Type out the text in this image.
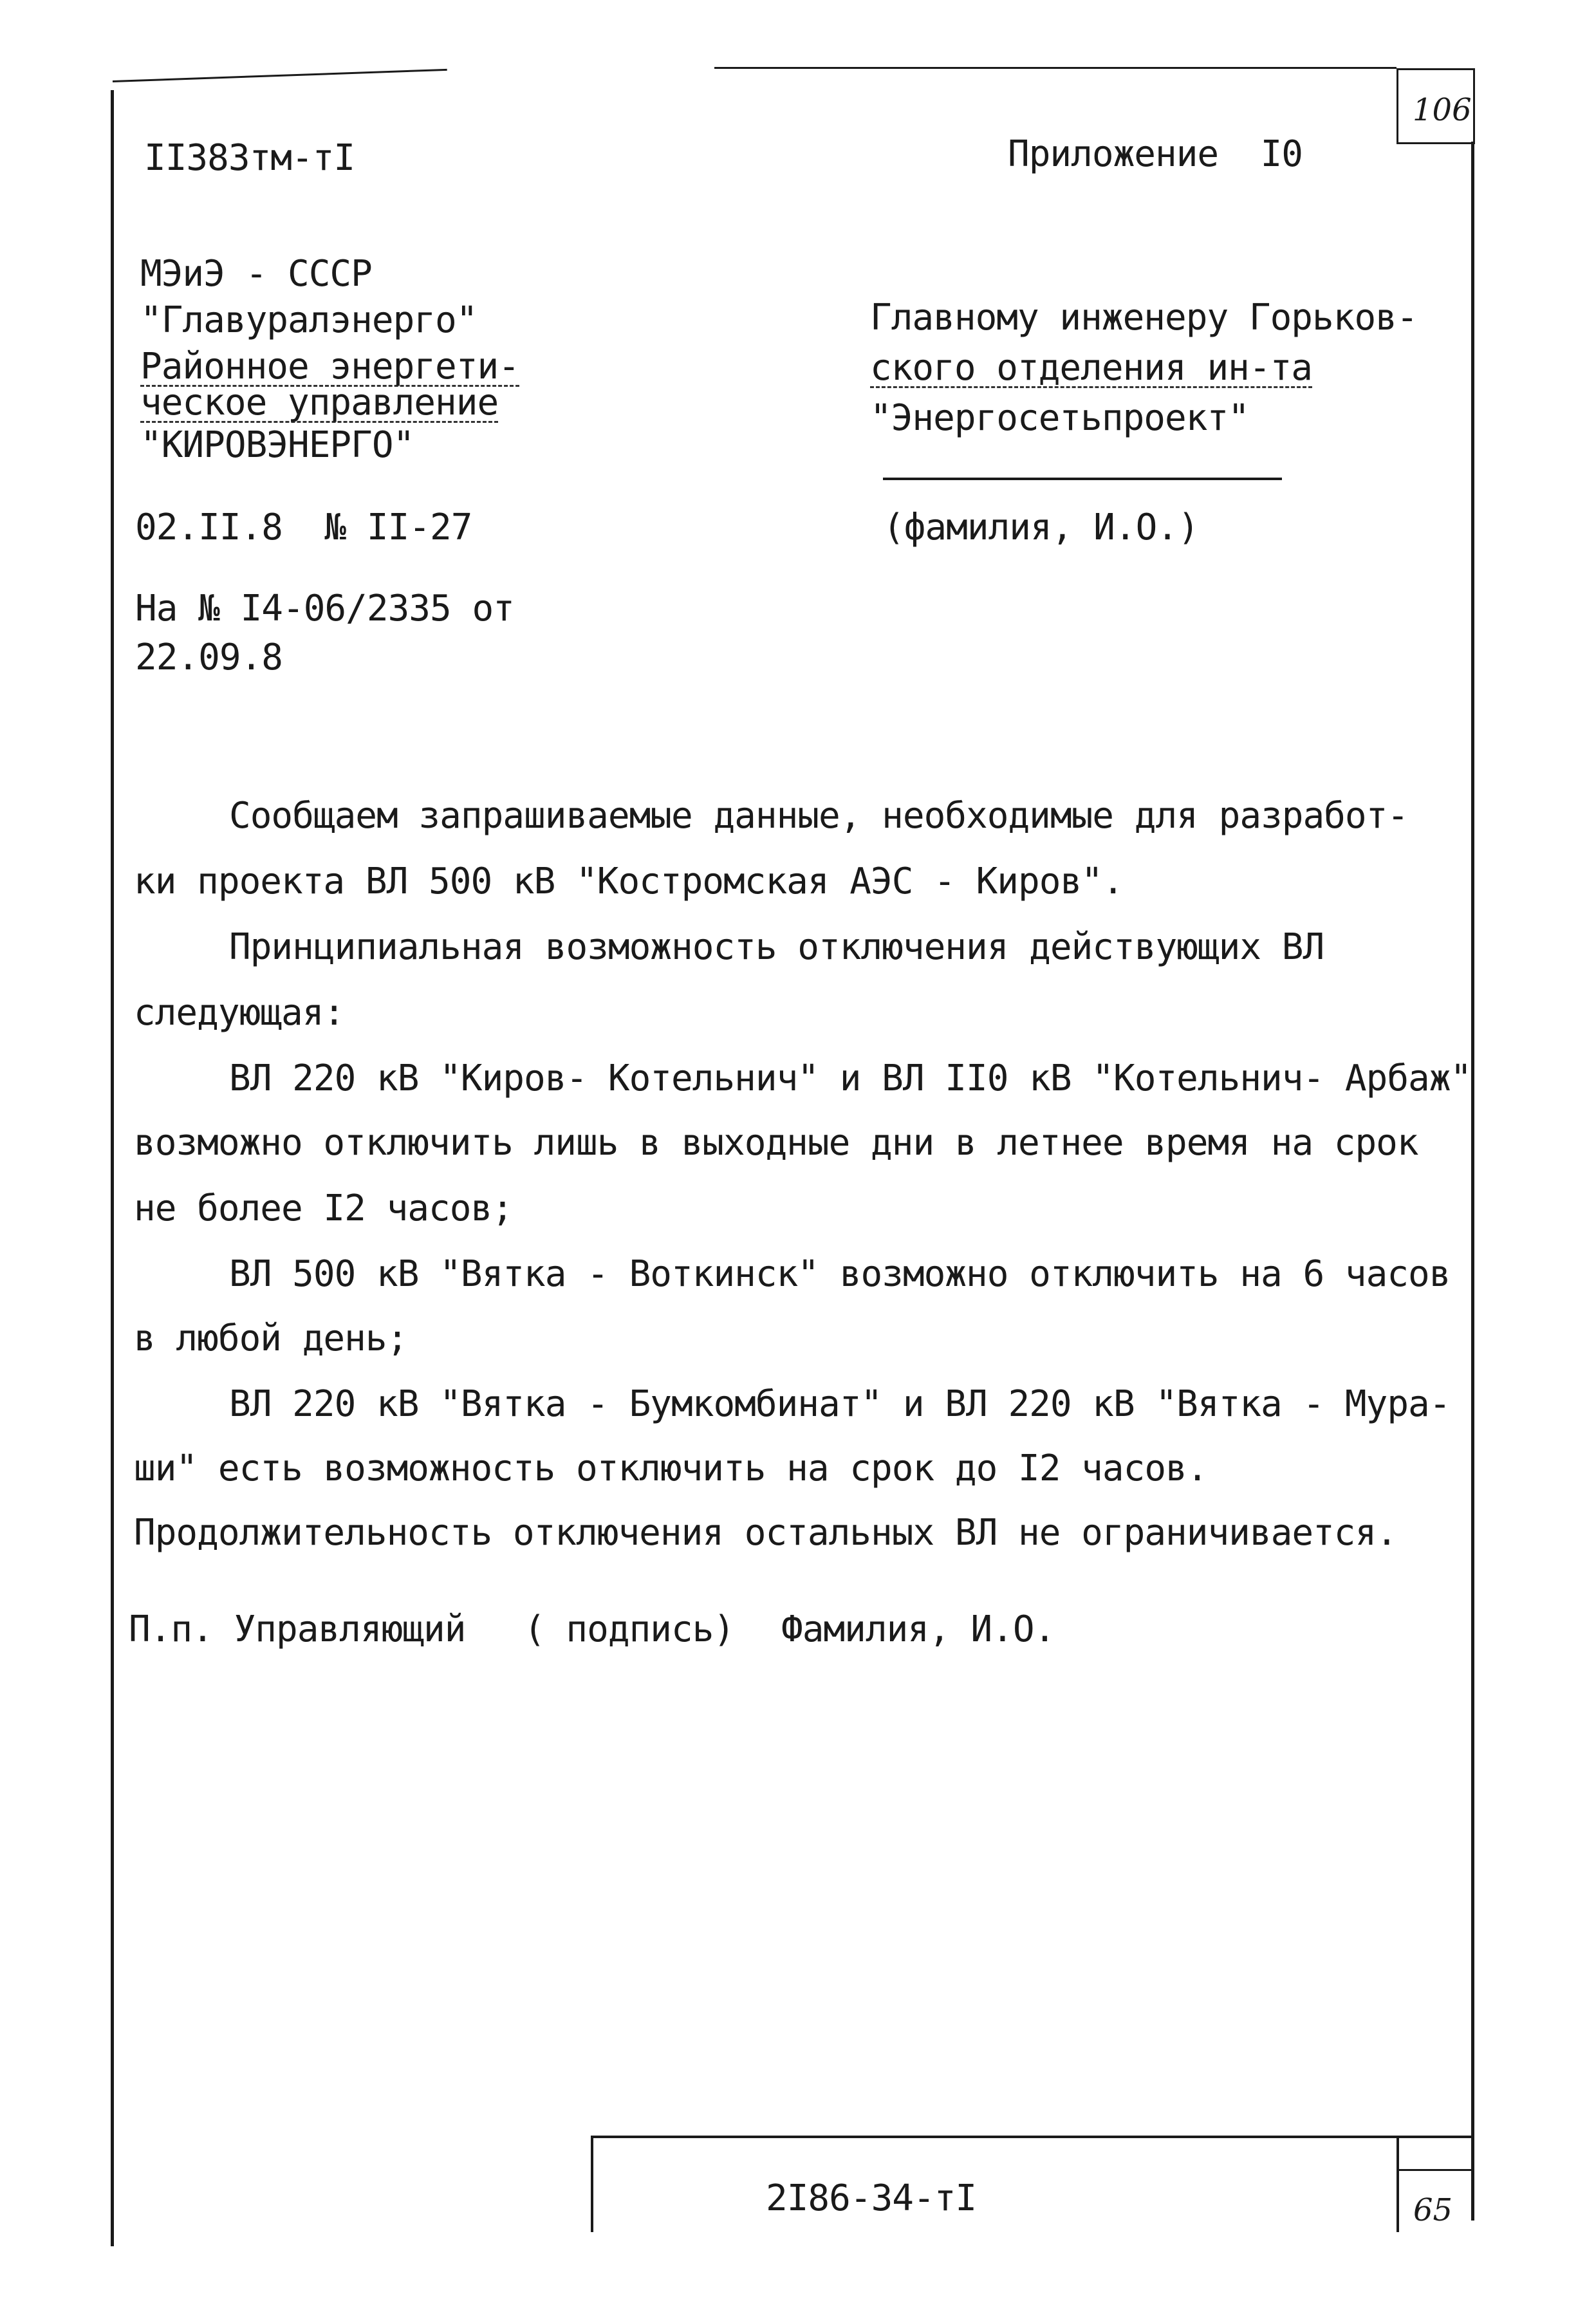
106
II383тм-тI	Приложение  I0
МЭиЭ - СССР
"Главуралэнерго"
Районное энергети-
ческое управление
"КИРОВЭНЕРГО"
02.II.8  № II-27
На № I4-06/2335 от
22.09.8
Главному инженеру Горьков-
ского отделения ин-та
"Энергосетьпроект"
(фамилия, И.О.)
Сообщаем запрашиваемые данные, необходимые для разработ-
ки проекта ВЛ 500 кВ "Костромская АЭС - Киров".
Принципиальная возможность отключения действующих ВЛ
следующая:
ВЛ 220 кВ "Киров- Котельнич" и ВЛ II0 кВ "Котельнич- Арбаж"
возможно отключить лишь в выходные дни в летнее время на срок
не более I2 часов;
ВЛ 500 кВ "Вятка - Воткинск" возможно отключить на 6 часов
в любой день;
ВЛ 220 кВ "Вятка - Бумкомбинат" и ВЛ 220 кВ "Вятка - Мура-
ши" есть возможность отключить на срок до I2 часов.
Продолжительность отключения остальных ВЛ не ограничивается.
П.п. Управляющий ( подпись) Фамилия, И.О.
2I86-34-тI	65
